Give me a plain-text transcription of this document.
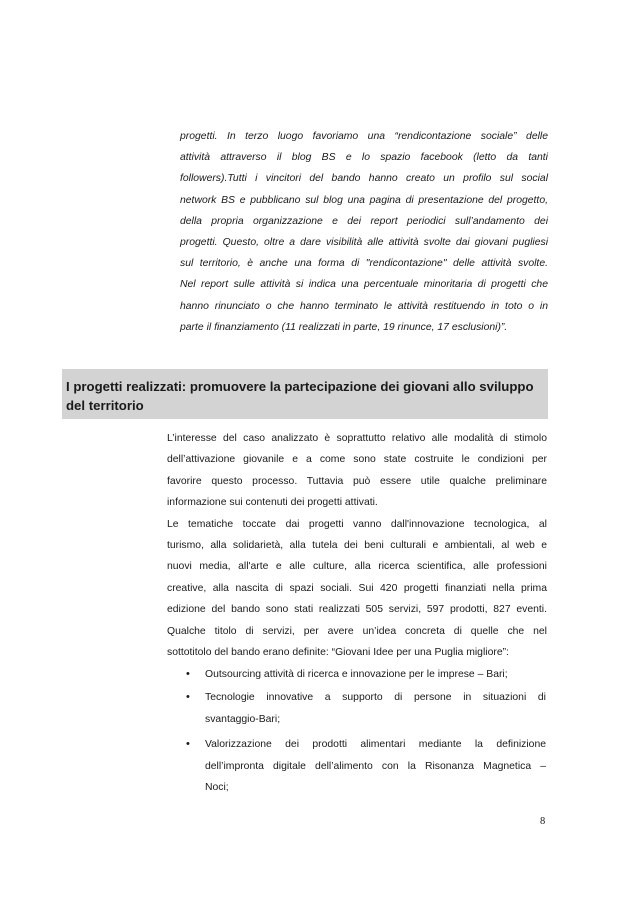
progetti. In terzo luogo favoriamo una “rendicontazione sociale” delle
attività attraverso il blog BS e lo spazio facebook (letto da tanti
followers).Tutti i vincitori del bando hanno creato un profilo sul social
network BS e pubblicano sul blog una pagina di presentazione del progetto,
della propria organizzazione e dei report periodici sull’andamento dei
progetti. Questo, oltre a dare visibilità alle attività svolte dai giovani pugliesi
sul territorio, è anche una forma di "rendicontazione" delle attività svolte.
Nel report sulle attività si indica una percentuale minoritaria di progetti che
hanno rinunciato o che hanno terminato le attività restituendo in toto o in
parte il finanziamento (11 realizzati in parte, 19 rinunce, 17 esclusioni)”.
I progetti realizzati: promuovere la partecipazione dei giovani allo sviluppo del territorio
L’interesse del caso analizzato è soprattutto relativo alle modalità di stimolo
dell’attivazione giovanile e a come sono state costruite le condizioni per
favorire questo processo. Tuttavia può essere utile qualche preliminare
informazione sui contenuti dei progetti attivati.
Le tematiche toccate dai progetti vanno dall'innovazione tecnologica, al
turismo, alla solidarietà, alla tutela dei beni culturali e ambientali, al web e
nuovi media, all'arte e alle culture, alla ricerca scientifica, alle professioni
creative, alla nascita di spazi sociali. Sui 420 progetti finanziati nella prima
edizione del bando sono stati realizzati 505 servizi, 597 prodotti, 827 eventi.
Qualche titolo di servizi, per avere un’idea concreta di quelle che nel
sottotitolo del bando erano definite: “Giovani Idee per una Puglia migliore”:
• Outsourcing attività di ricerca e innovazione per le imprese – Bari;
• Tecnologie innovative a supporto di persone in situazioni di
svantaggio-Bari;
• Valorizzazione dei prodotti alimentari mediante la definizione
dell’impronta digitale dell’alimento con la Risonanza Magnetica –
Noci;
8
